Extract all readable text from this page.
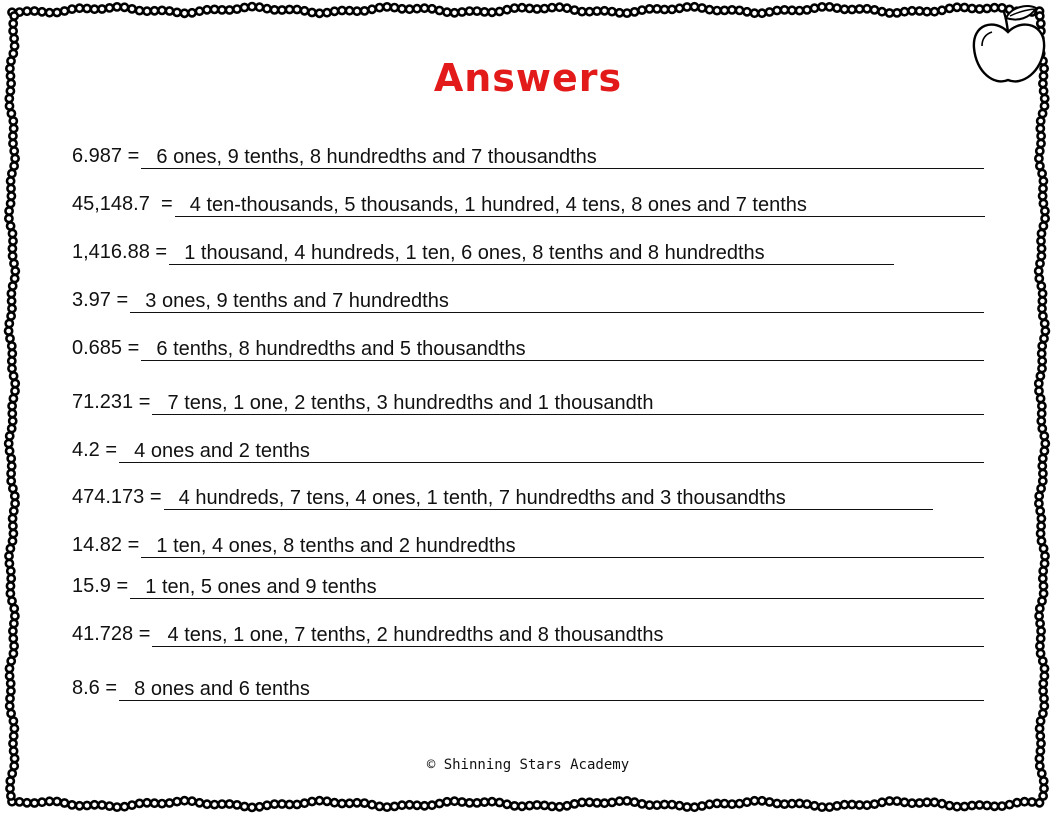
Answers
6.987 = 6 ones, 9 tenths, 8 hundredths and 7 thousandths
45,148.7  = 4 ten-thousands, 5 thousands, 1 hundred, 4 tens, 8 ones and 7 tenths
1,416.88 = 1 thousand, 4 hundreds, 1 ten, 6 ones, 8 tenths and 8 hundredths
3.97 = 3 ones, 9 tenths and 7 hundredths
0.685 = 6 tenths, 8 hundredths and 5 thousandths
71.231 = 7 tens, 1 one, 2 tenths, 3 hundredths and 1 thousandth
4.2 = 4 ones and 2 tenths
474.173 = 4 hundreds, 7 tens, 4 ones, 1 tenth, 7 hundredths and 3 thousandths
14.82 = 1 ten, 4 ones, 8 tenths and 2 hundredths
15.9 = 1 ten, 5 ones and 9 tenths
41.728 = 4 tens, 1 one, 7 tenths, 2 hundredths and 8 thousandths
8.6 = 8 ones and 6 tenths
© Shinning Stars Academy
